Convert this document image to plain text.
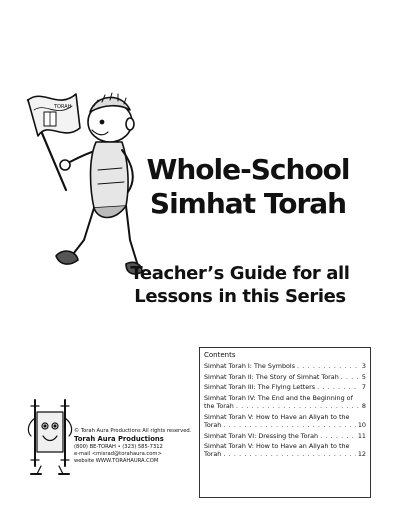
TORAH
Whole-School
Simhat Torah
Teacher’s Guide for all
Lessons in this Series
Contents
Simhat Torah I: The Symbols . . .	3
Simhat Torah II: The Story of Simhat Torah . . .	5
Simhat Torah III: The Flying Letters . . .	7
Simhat Torah IV: The End and the Beginning of
the Torah . . .	8
Simhat Torah V: How to Have an Aliyah to the
Torah . . .	10
Simhat Torah VI: Dressing the Torah . . .	11
Simhat Torah V: How to Have an Aliyah to the
Torah . . .	12
© Torah Aura Productions All rights reserved.
Torah Aura Productions
(800) BE-TORAH • (323) 585-7312
e-mail <misrad@torahaura.com>
website WWW.TORAHAURA.COM
